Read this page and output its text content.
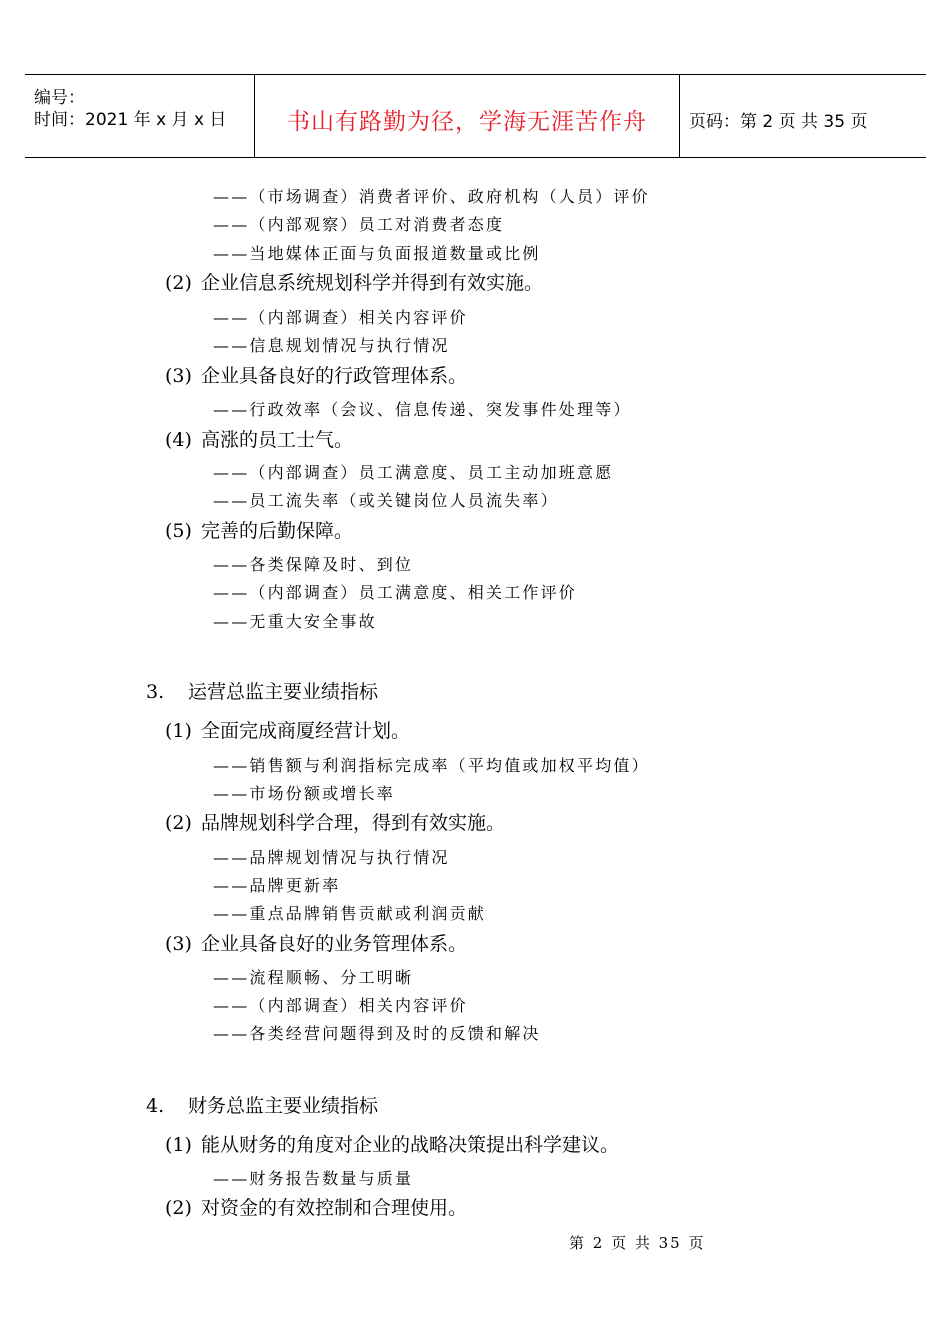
编号：
时间：2021 年 x 月 x 日	书山有路勤为径，学海无涯苦作舟	页码：第 2 页 共 35 页
——（市场调查）消费者评价、政府机构（人员）评价
——（内部观察）员工对消费者态度
——当地媒体正面与负面报道数量或比例
(2) 企业信息系统规划科学并得到有效实施。
——（内部调查）相关内容评价
——信息规划情况与执行情况
(3) 企业具备良好的行政管理体系。
——行政效率（会议、信息传递、突发事件处理等）
(4) 高涨的员工士气。
——（内部调查）员工满意度、员工主动加班意愿
——员工流失率（或关键岗位人员流失率）
(5) 完善的后勤保障。
——各类保障及时、到位
——（内部调查）员工满意度、相关工作评价
——无重大安全事故
3. 运营总监主要业绩指标
(1) 全面完成商厦经营计划。
——销售额与利润指标完成率（平均值或加权平均值）
——市场份额或增长率
(2) 品牌规划科学合理，得到有效实施。
——品牌规划情况与执行情况
——品牌更新率
——重点品牌销售贡献或利润贡献
(3) 企业具备良好的业务管理体系。
——流程顺畅、分工明晰
——（内部调查）相关内容评价
——各类经营问题得到及时的反馈和解决
4. 财务总监主要业绩指标
(1) 能从财务的角度对企业的战略决策提出科学建议。
——财务报告数量与质量
(2) 对资金的有效控制和合理使用。
第 2 页 共 35 页
